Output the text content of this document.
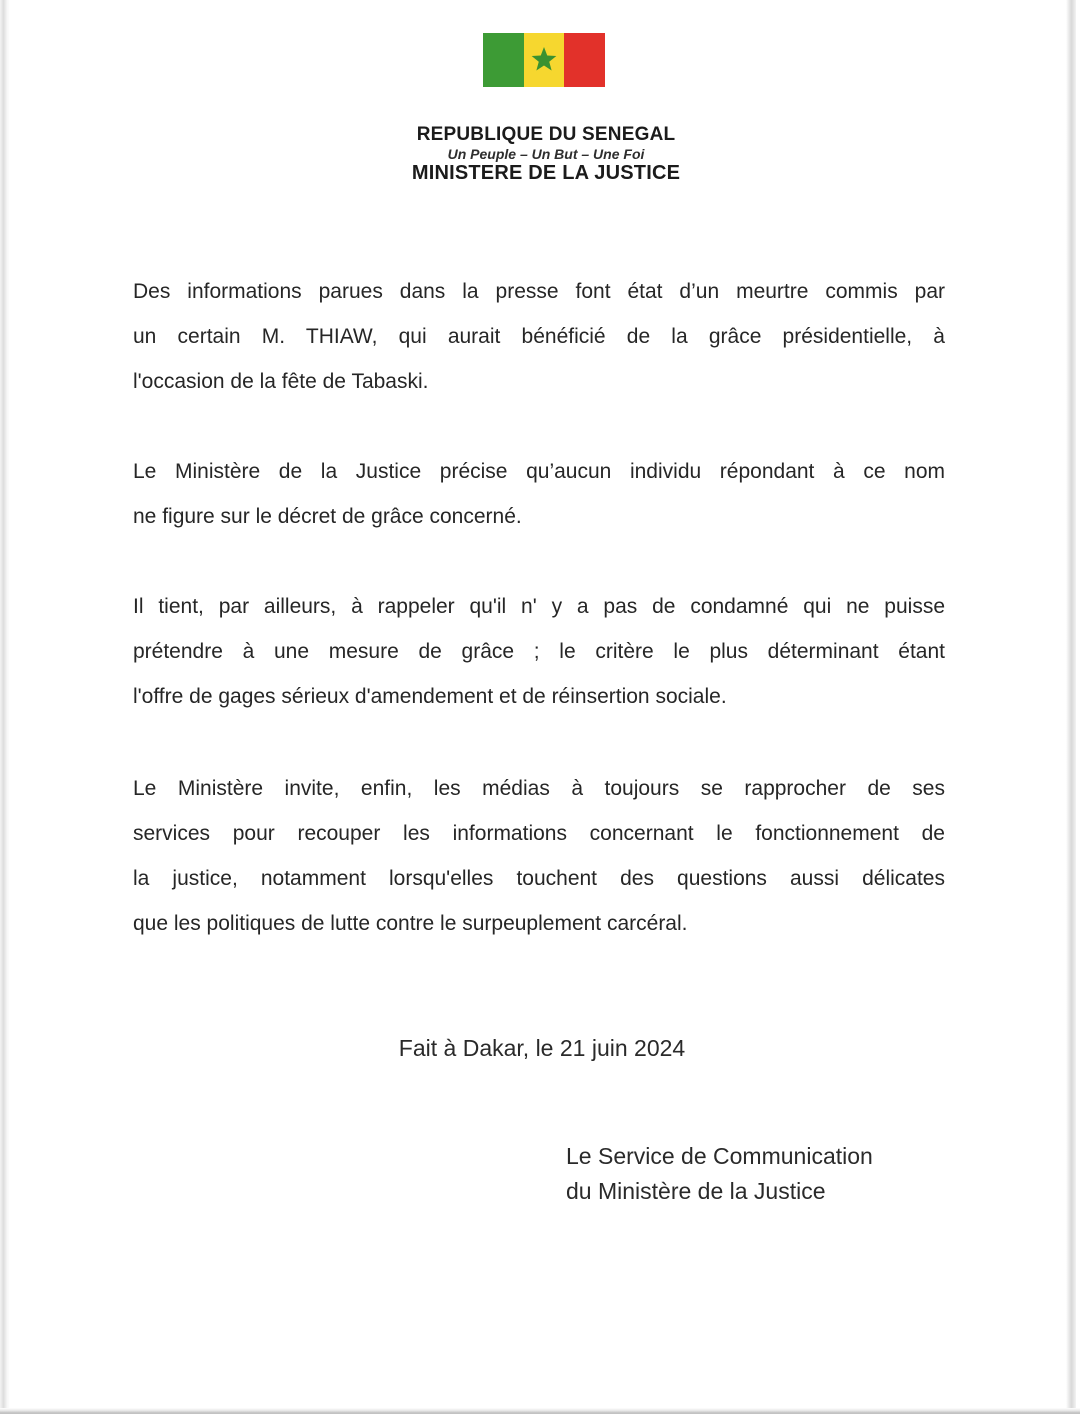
REPUBLIQUE DU SENEGAL
Un Peuple – Un But – Une Foi
MINISTERE DE LA JUSTICE
Des informations parues dans la presse font état d’un meurtre commis par
un certain M. THIAW, qui aurait bénéficié de la grâce présidentielle, à
l'occasion de la fête de Tabaski.
Le Ministère de la Justice précise qu’aucun individu répondant à ce nom
ne figure sur le décret de grâce concerné.
Il tient, par ailleurs, à rappeler qu'il n' y a pas de condamné qui ne puisse
prétendre à une mesure de grâce ; le critère le plus déterminant étant
l'offre de gages sérieux d'amendement et de réinsertion sociale.
Le Ministère invite, enfin, les médias à toujours se rapprocher de ses
services pour recouper les informations concernant le fonctionnement de
la justice, notamment lorsqu'elles touchent des questions aussi délicates
que les politiques de lutte contre le surpeuplement carcéral.
Fait à Dakar, le 21 juin 2024
Le Service de Communication
du Ministère de la Justice
